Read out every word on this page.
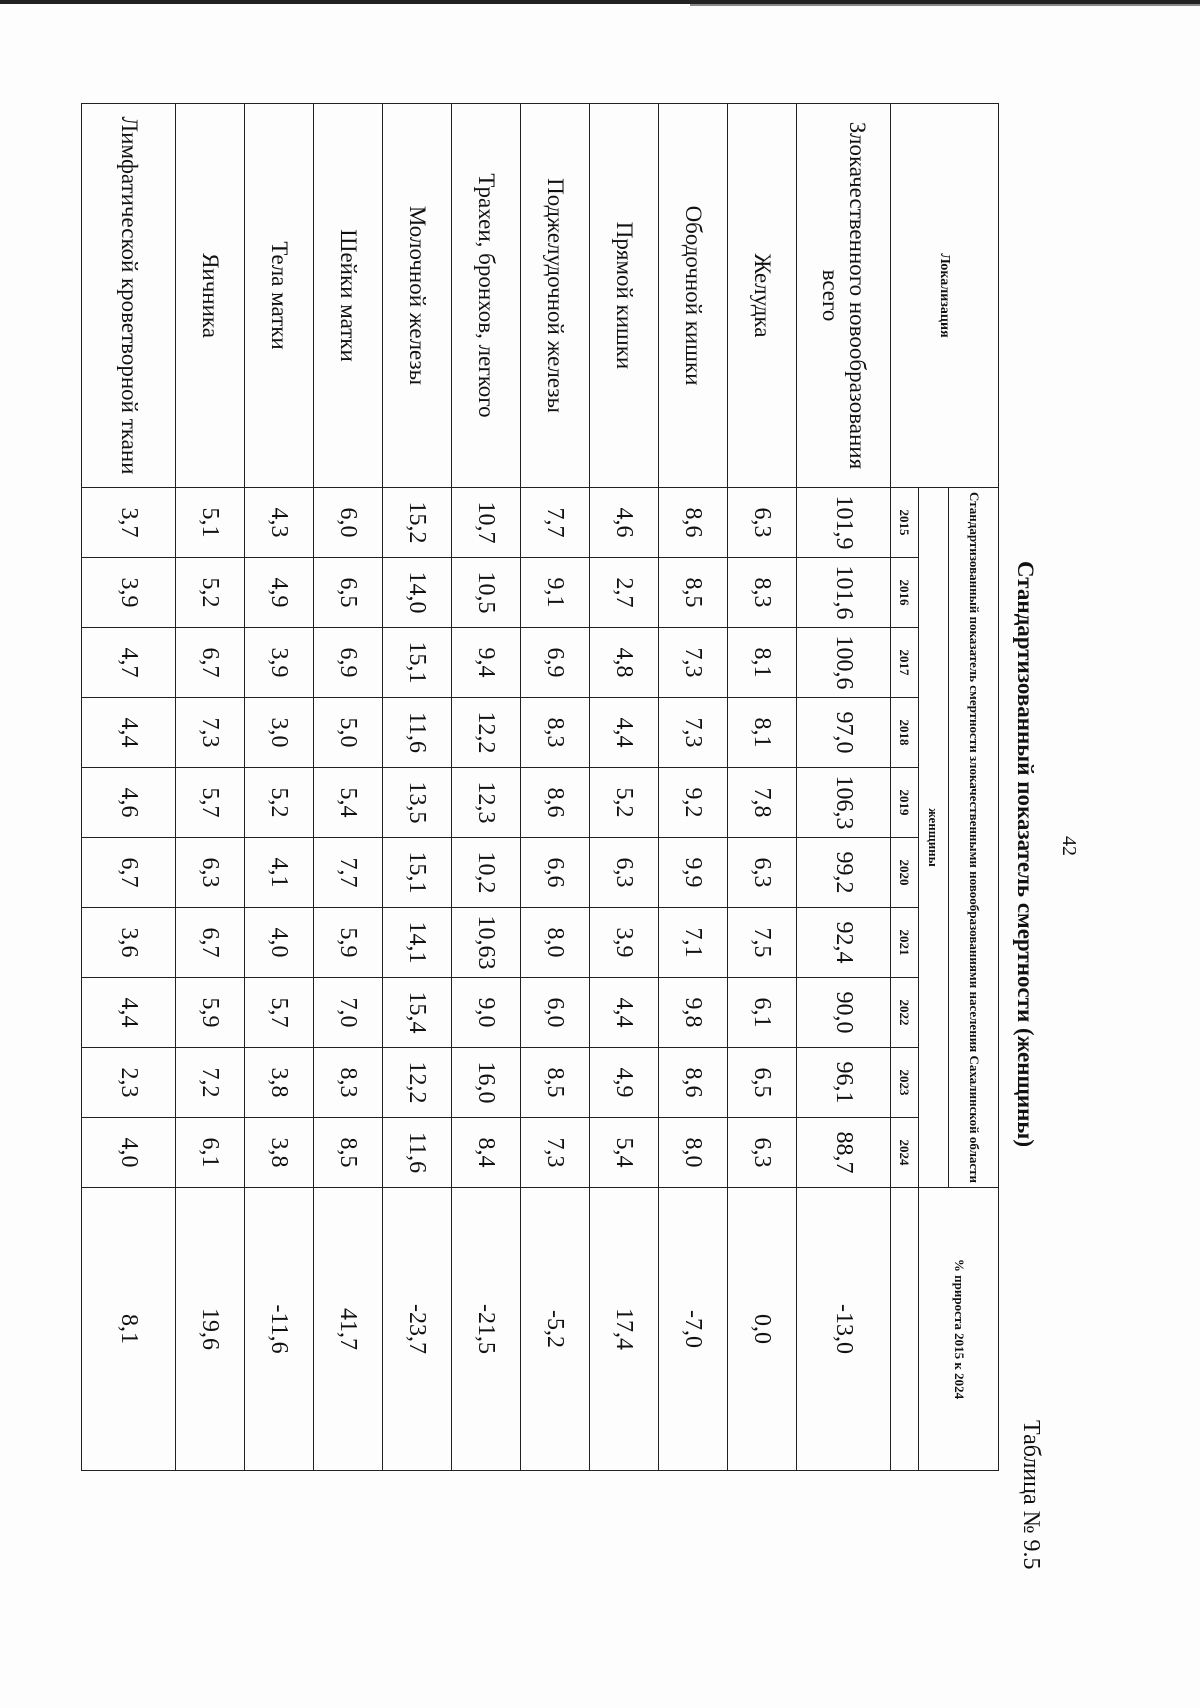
42
Таблица № 9.5
Стандартизованный показатель смертности (женщины)
Локализация	Стандартизованный показатель смертности злокачественными новообразованиями населения Сахалинской области										% прироста 2015 к 2024
	женщины										
	2015	2016	2017	2018	2019	2020	2021	2022	2023	2024	
Злокачественного новообразования всего	101,9	101,6	100,6	97,0	106,3	99,2	92,4	90,0	96,1	88,7	-13,0
Желудка	6,3	8,3	8,1	8,1	7,8	6,3	7,5	6,1	6,5	6,3	0,0
Ободочной кишки	8,6	8,5	7,3	7,3	9,2	9,9	7,1	9,8	8,6	8,0	-7,0
Прямой кишки	4,6	2,7	4,8	4,4	5,2	6,3	3,9	4,4	4,9	5,4	17,4
Поджелудочной железы	7,7	9,1	6,9	8,3	8,6	6,6	8,0	6,0	8,5	7,3	-5,2
Трахеи, бронхов, легкого	10,7	10,5	9,4	12,2	12,3	10,2	10,63	9,0	16,0	8,4	-21,5
Молочной железы	15,2	14,0	15,1	11,6	13,5	15,1	14,1	15,4	12,2	11,6	-23,7
Шейки матки	6,0	6,5	6,9	5,0	5,4	7,7	5,9	7,0	8,3	8,5	41,7
Тела матки	4,3	4,9	3,9	3,0	5,2	4,1	4,0	5,7	3,8	3,8	-11,6
Яичника	5,1	5,2	6,7	7,3	5,7	6,3	6,7	5,9	7,2	6,1	19,6
Лимфатической кроветворной ткани	3,7	3,9	4,7	4,4	4,6	6,7	3,6	4,4	2,3	4,0	8,1
